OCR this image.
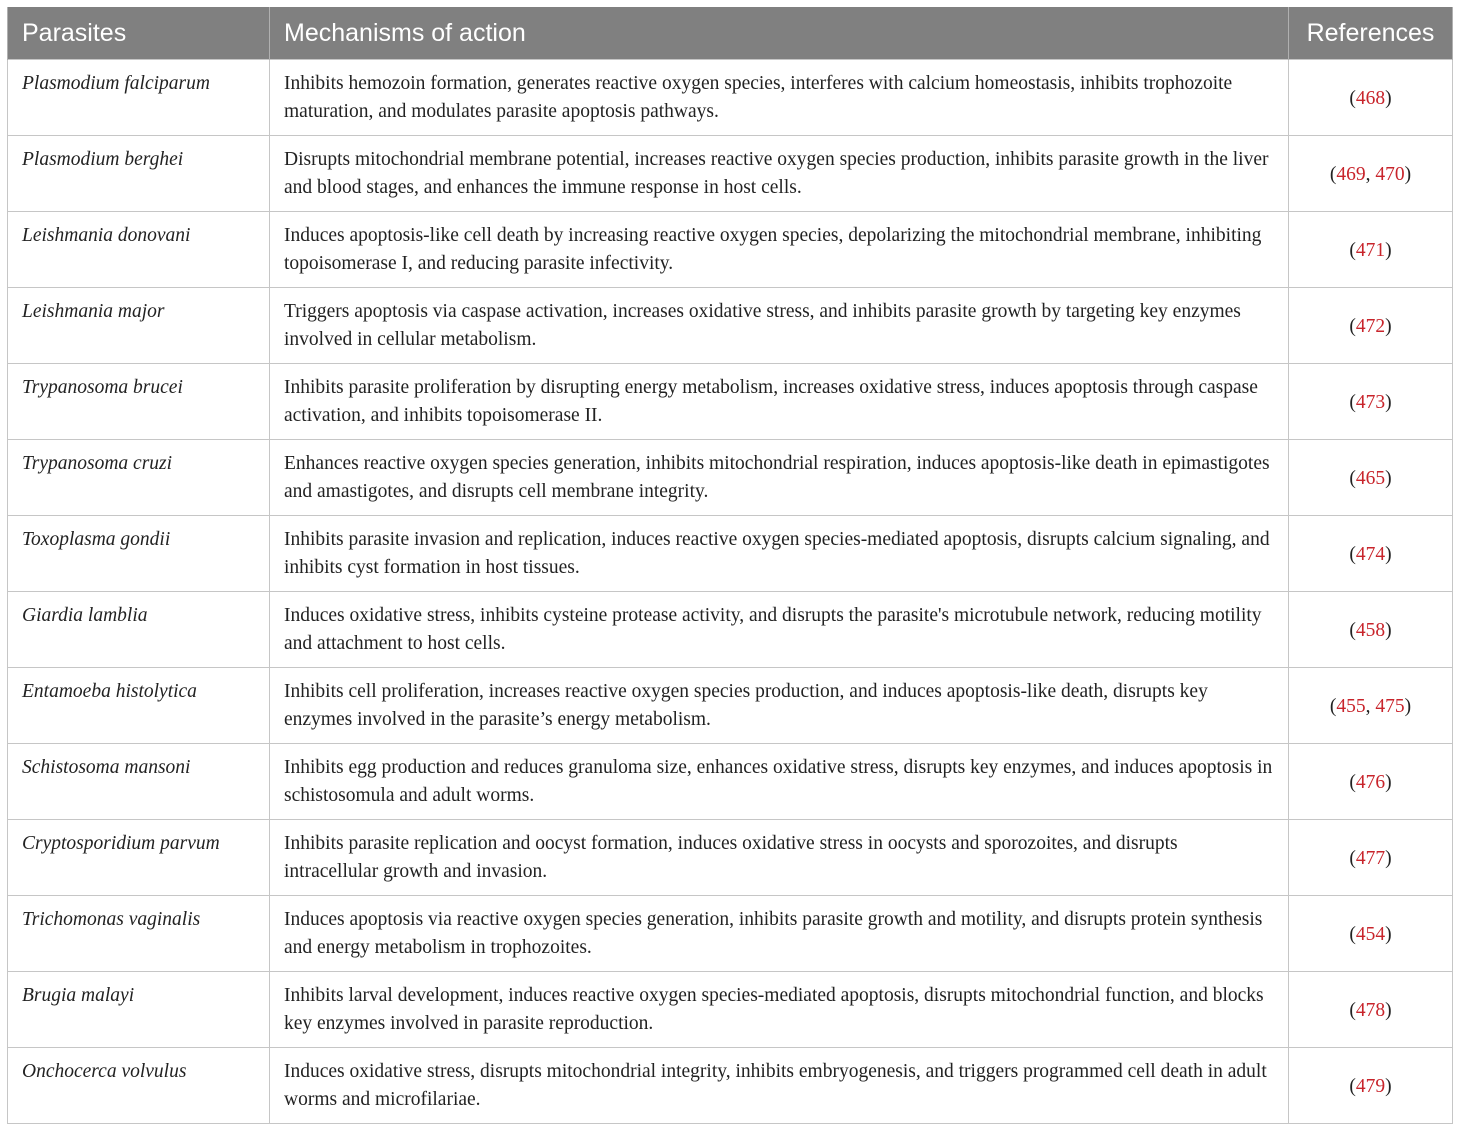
Parasites	Mechanisms of action	References
Plasmodium falciparum	Inhibits hemozoin formation, generates reactive oxygen species, interferes with calcium homeostasis, inhibits trophozoite maturation, and modulates parasite apoptosis pathways.	(468)
Plasmodium berghei	Disrupts mitochondrial membrane potential, increases reactive oxygen species production, inhibits parasite growth in the liver and blood stages, and enhances the immune response in host cells.	(469, 470)
Leishmania donovani	Induces apoptosis-like cell death by increasing reactive oxygen species, depolarizing the mitochondrial membrane, inhibiting topoisomerase I, and reducing parasite infectivity.	(471)
Leishmania major	Triggers apoptosis via caspase activation, increases oxidative stress, and inhibits parasite growth by targeting key enzymes involved in cellular metabolism.	(472)
Trypanosoma brucei	Inhibits parasite proliferation by disrupting energy metabolism, increases oxidative stress, induces apoptosis through caspase activation, and inhibits topoisomerase II.	(473)
Trypanosoma cruzi	Enhances reactive oxygen species generation, inhibits mitochondrial respiration, induces apoptosis-like death in epimastigotes and amastigotes, and disrupts cell membrane integrity.	(465)
Toxoplasma gondii	Inhibits parasite invasion and replication, induces reactive oxygen species-mediated apoptosis, disrupts calcium signaling, and inhibits cyst formation in host tissues.	(474)
Giardia lamblia	Induces oxidative stress, inhibits cysteine protease activity, and disrupts the parasite's microtubule network, reducing motility and attachment to host cells.	(458)
Entamoeba histolytica	Inhibits cell proliferation, increases reactive oxygen species production, and induces apoptosis-like death, disrupts key enzymes involved in the parasite’s energy metabolism.	(455, 475)
Schistosoma mansoni	Inhibits egg production and reduces granuloma size, enhances oxidative stress, disrupts key enzymes, and induces apoptosis in schistosomula and adult worms.	(476)
Cryptosporidium parvum	Inhibits parasite replication and oocyst formation, induces oxidative stress in oocysts and sporozoites, and disrupts intracellular growth and invasion.	(477)
Trichomonas vaginalis	Induces apoptosis via reactive oxygen species generation, inhibits parasite growth and motility, and disrupts protein synthesis and energy metabolism in trophozoites.	(454)
Brugia malayi	Inhibits larval development, induces reactive oxygen species-mediated apoptosis, disrupts mitochondrial function, and blocks key enzymes involved in parasite reproduction.	(478)
Onchocerca volvulus	Induces oxidative stress, disrupts mitochondrial integrity, inhibits embryogenesis, and triggers programmed cell death in adult worms and microfilariae.	(479)
